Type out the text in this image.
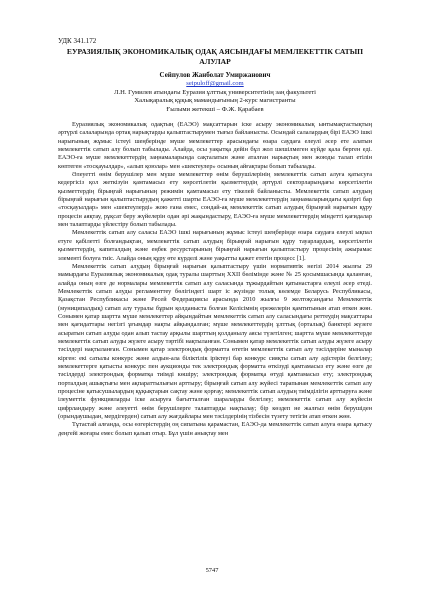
УДК 341.172
ЕУРАЗИЯЛЫҚ ЭКОНОМИКАЛЫҚ ОДАҚ АЯСЫНДАҒЫ МЕМЛЕКЕТТІК САТЫП АЛУЛАР
Сейпулов Жанболат Умиржанович
seipuloff@gmail.com
Л.Н. Гумилев атындағы Еуразия ұлттық университетінің заң факультеті
Халықаралық құқық мамандығының 2-курс магистранты
Ғылыми жетекші – Ф.Ж. Қарабаев

Еуразиялық экономикалық одақтың (ЕАЭО) мақсаттарын іске асыру экономикалық ынтымақтастықтың әртүрлі салаларында ортақ нарықтарды қалыптастырумен тығыз байланысты. Осындай салалардың бірі ЕАЭО ішкі нарығының жұмыс істеуі шеңберінде мүше мемлекеттер арасындағы өзара саудаға елеулі әсер ете алатын мемлекеттік сатып алу болып табылады. Алайда, осы уақытқа дейін бұл жол шешілмеген күйде қала берген еді. ЕАЭО-ға мүше мемлекеттердің заңнамаларында сақталатын және аталған нарықтың мен жоюды талап етілін көптеген «тосқауылдар», «алып қоюлар» мен «шектеулер» осының айғақтары болып табылады.

Әлеуетті өнім берушілер мен мүше мемлекеттер өнім берушілерінің мемлекеттік сатып алуға қатысуға кедергісіз қол жеткізуін қамтамасыз ету көрсетілетін қызметтердің әртүрлі секторларындағы көрсетілетін қызметтердің бірыңғай нарығының режимін қамтамасыз ету тікелей байланысты. Мемлекеттік сатып алудың бірыңғай нарығын қалыптастырудың қажетті шарты ЕАЭО-ға мүше мемлекеттердің заңнамаларындағы қазіргі бар «тосқауылдар» мен «шектеулерді» жою ғана емес, сондай-ақ мемлекеттік сатып алудың бірыңғай нарығын құру процесін аяқтау, рұқсат беру жүйелерін одан әрі жақындастыру, ЕАЭО-ға мүше мемлекеттердің міндетті қағидалар мен талаптарды үйлестіру болып табылады.

Мемлекеттік сатып алу саласы ЕАЭО ішкі нарығының жұмыс істеуі шеңберінде өзара саудаға елеулі ықпал етуге қабілетті болғандықтан, мемлекеттік сатып алудың бірыңғай нарығын құру тауарлардың, көрсетілетін қызметтердің, капиталдың және еңбек ресурстарының бірыңғай нарығын қалыптастыру процесінің ажырамас элементі болуға тиіс. Алайда оның құру өте күрделі және уақытты қажет ететін процесс [1].

Мемлекеттік сатып алудың бірыңғай нарығын қалыптастыру үшін нормативтік негізі 2014 жылғы 29 мамырдағы Еуразиялық экономикалық одақ туралы шарттың XXII бөлімінде және № 25 қосымшасында қаланған, алайда оның өзге де нормалары мемлекеттік сатып алу саласында тұжырдайтын қатынастарға елеулі әсер етеді. Мемлекеттік сатып алуды регламенттеу бөлігіндегі шарт іс жүзінде толық көлемде Беларусь Республикасы, Қазақстан Республикасы және Ресей Федерациясы арасында 2010 жылғы 9 желтоқсандағы Мемлекеттік (муниципалдық) сатып алу туралы бұрын қолданыста болған Келісімнің ережелерін қамтитынын атап өткен жөн. Сонымен қатар шартта мүше мемлекеттер айқындайтын мемлекеттік сатып алу саласындағы реттеудің мақсаттары мен қағидаттары негізгі ұғымдар нақты айқындалған; мүше мемлекеттердің ұлттық (орталық) банктері жүзеге асыратын сатып алуды одан алып тастау арқылы шарттың қолданылу аясы түзетілген; шартта мүше мемлекеттерде мемлекеттік сатып алуды жүзеге асыру тәртібі нақтыланған. Сонымен қатар мемлекеттік сатып алуды жүзеге асыру тәсілдері нақтыланған. Сонымен қатар электрондық форматта өтетін мемлекеттік сатып алу тәсілдеріне мыналар кірген: екі сатылы конкурс және алдын-ала біліктілік іріктеуі бар конкурс сияқты сатып алу әдістерін белгілеу; мемлекеттерге қатысты конкурс пен аукционды тек электрондық форматта өткізуді қамтамасыз ету және өзге де тәсілдерді электрондық форматқа тиімді көшіру; электрондық форматқа өтуді қамтамасыз ету; электрондық порталдың ашықтығы мен ақпараттылығын арттыру; бірыңғай сатып алу жүйесі тарапынан мемлекеттік сатып алу процесіне қатысушылардың құқықтарын сақтау және қорғау; мемлекеттік сатып алудың тиімділігін арттыруға және ілеуметтік функцияларды іске асыруға бағытталған шараларды белгілеу; мемлекеттік сатып алу жүйесін цифрландыру және әлеуетті өнім берушілерге талаптарды нақтылау; бір көздеп не жалғыз өнім берушіден (орындаушыдан, мердігерден) сатып алу жағдайлары мен тәсілдерінің тізбесін түзету тетігін атап өткен жөн.

Тұтастай алғанда, осы өзгерістердің оң сипатына қарамастан, ЕАЭО-да мемлекеттік сатып алуға өзара қатысу деңгейі жоғары емес болып қалып отыр. Бұл үшін анықтау мен

5747
